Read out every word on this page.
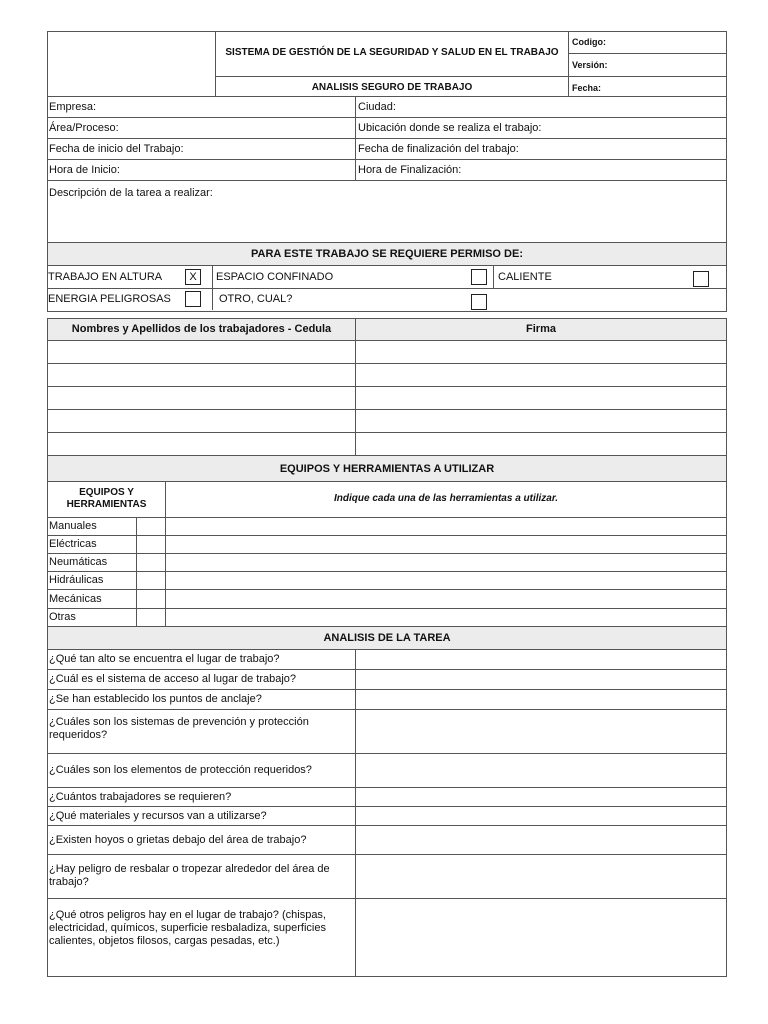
SISTEMA DE GESTIÓN DE LA SEGURIDAD Y SALUD EN EL TRABAJO
Codigo:
Versión:
ANALISIS SEGURO DE TRABAJO	Fecha:
Empresa:	Ciudad:
Área/Proceso:	Ubicación donde se realiza el trabajo:
Fecha de inicio del Trabajo:	Fecha de finalización del trabajo:
Hora de Inicio:	Hora de Finalización:
Descripción de la tarea a realizar:
PARA ESTE TRABAJO SE REQUIERE PERMISO DE:
TRABAJO EN ALTURA	X	ESPACIO CONFINADO	CALIENTE
ENERGIA PELIGROSAS	OTRO, CUAL?
Nombres y Apellidos de los trabajadores - Cedula	Firma
EQUIPOS Y HERRAMIENTAS A UTILIZAR
EQUIPOS Y
HERRAMIENTAS
Indique cada una de las herramientas a utilizar.
Manuales
Eléctricas
Neumáticas
Hidráulicas
Mecánicas
Otras
ANALISIS DE LA TAREA
¿Qué tan alto se encuentra el lugar de trabajo?
¿Cuál es el sistema de acceso al lugar de trabajo?
¿Se han establecido los puntos de anclaje?
¿Cuáles son los sistemas de prevención y protección requeridos?
¿Cuáles son los elementos de protección requeridos?
¿Cuántos trabajadores se requieren?
¿Qué materiales y recursos van a utilizarse?
¿Existen hoyos o grietas debajo del área de trabajo?
¿Hay peligro de resbalar o tropezar alrededor del área de trabajo?
¿Qué otros peligros hay en el lugar de trabajo? (chispas, electricidad, químicos, superficie resbaladiza, superficies calientes, objetos filosos, cargas pesadas, etc.)
